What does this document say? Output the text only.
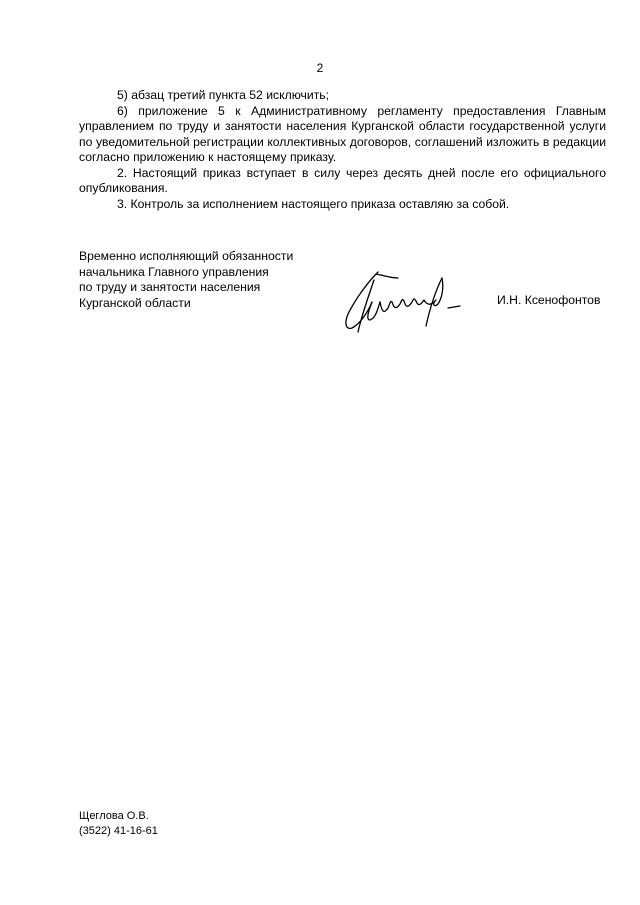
2

5) абзац третий пункта 52 исключить;

6) приложение 5 к Административному регламенту предоставления Главным управлением по труду и занятости населения Курганской области государственной услуги по уведомительной регистрации коллективных договоров, соглашений изложить в редакции согласно приложению к настоящему приказу.

2. Настоящий приказ вступает в силу через десять дней после его официального опубликования.

3. Контроль за исполнением настоящего приказа оставляю за собой.

Временно исполняющий обязанности
начальника Главного управления
по труду и занятости населения
Курганской области	И.Н. Ксенофонтов
Щеглова О.В.
(3522) 41-16-61
